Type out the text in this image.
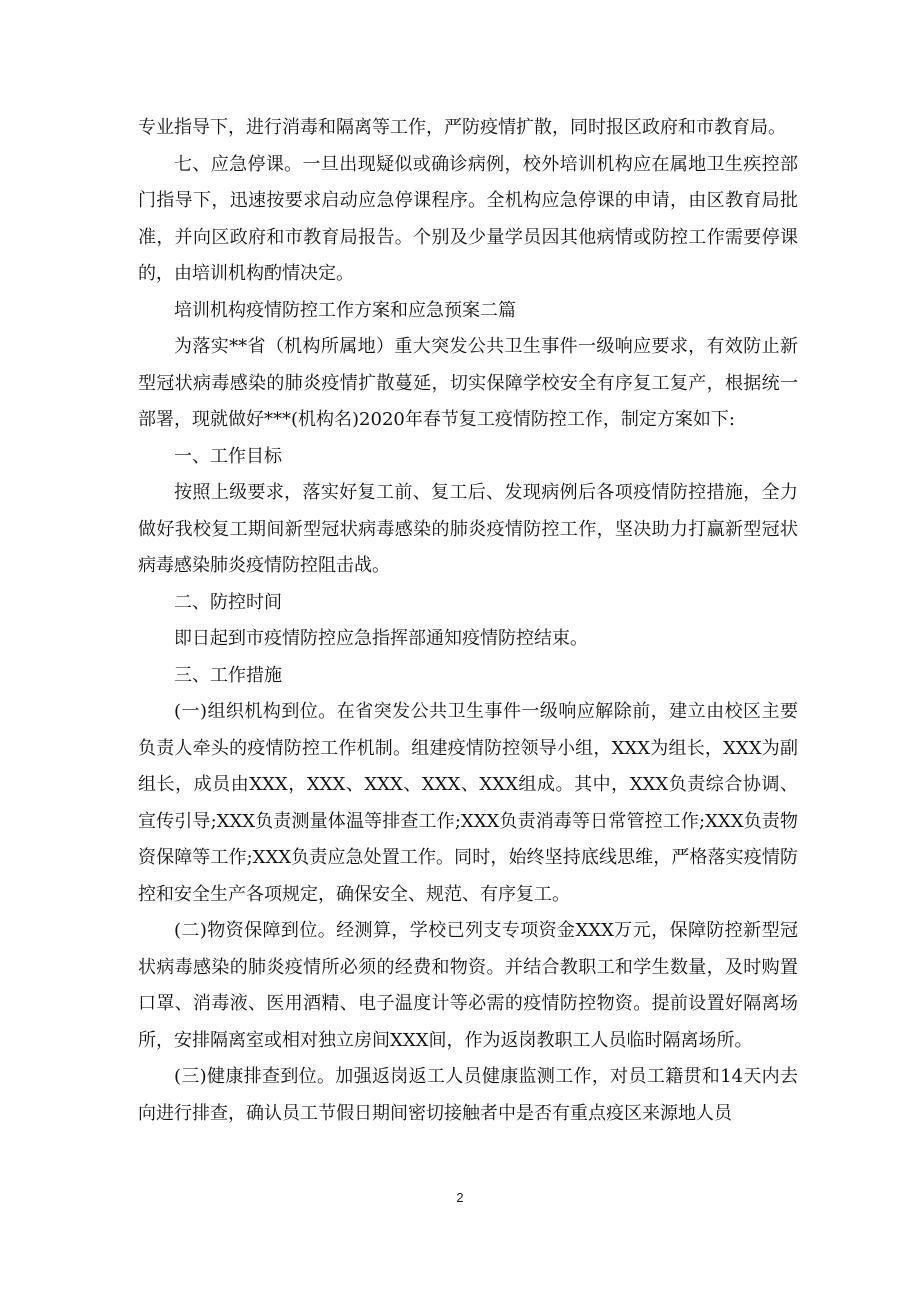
专业指导下，进行消毒和隔离等工作，严防疫情扩散，同时报区政府和市教育局。

七、应急停课。一旦出现疑似或确诊病例，校外培训机构应在属地卫生疾控部门指导下，迅速按要求启动应急停课程序。全机构应急停课的申请，由区教育局批准，并向区政府和市教育局报告。个别及少量学员因其他病情或防控工作需要停课的，由培训机构酌情决定。

培训机构疫情防控工作方案和应急预案二篇

为落实**省（机构所属地）重大突发公共卫生事件一级响应要求，有效防止新型冠状病毒感染的肺炎疫情扩散蔓延，切实保障学校安全有序复工复产，根据统一部署，现就做好***(机构名)2020年春节复工疫情防控工作，制定方案如下:

一、工作目标

按照上级要求，落实好复工前、复工后、发现病例后各项疫情防控措施，全力做好我校复工期间新型冠状病毒感染的肺炎疫情防控工作，坚决助力打赢新型冠状病毒感染肺炎疫情防控阻击战。

二、防控时间

即日起到市疫情防控应急指挥部通知疫情防控结束。

三、工作措施

(一)组织机构到位。在省突发公共卫生事件一级响应解除前，建立由校区主要负责人牵头的疫情防控工作机制。组建疫情防控领导小组，XXX为组长，XXX为副组长，成员由XXX，XXX、XXX、XXX、XXX组成。其中，XXX负责综合协调、宣传引导;XXX负责测量体温等排查工作;XXX负责消毒等日常管控工作;XXX负责物资保障等工作;XXX负责应急处置工作。同时，始终坚持底线思维，严格落实疫情防控和安全生产各项规定，确保安全、规范、有序复工。

(二)物资保障到位。经测算，学校已列支专项资金XXX万元，保障防控新型冠状病毒感染的肺炎疫情所必须的经费和物资。并结合教职工和学生数量，及时购置口罩、消毒液、医用酒精、电子温度计等必需的疫情防控物资。提前设置好隔离场所，安排隔离室或相对独立房间XXX间，作为返岗教职工人员临时隔离场所。

(三)健康排查到位。加强返岗返工人员健康监测工作，对员工籍贯和14天内去向进行排查，确认员工节假日期间密切接触者中是否有重点疫区来源地人员

2
